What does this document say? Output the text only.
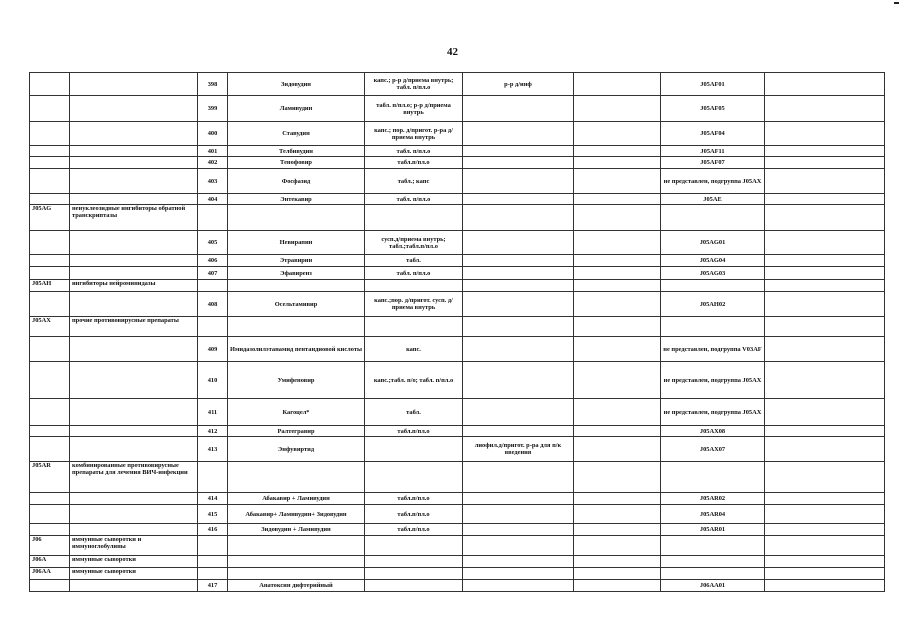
42
		398	Зидовудин	капс.; р-р д/приема внутрь; табл. п/пл.о	р-р д/инф		J05AF01	
		399	Ламивудин	табл. п/пл.о; р-р д/приема внутрь			J05AF05	
		400	Ставудин	капс.; пор. д/пригот. р-ра д/приема внутрь			J05AF04	
		401	Телбивудин	табл. п/пл.о			J05AF11	
		402	Тенофовир	табл.п/пл.о			J05AF07	
		403	Фосфазид	табл.; капс			не представлен, подгруппа J05AX	
		404	Энтекавир	табл. п/пл.о			J05AE	
J05AG	ненуклеозидные ингибиторы обратной транскриптазы							
		405	Невирапин	сусп.д/приема внутрь; табл.;табл.п/пл.о			J05AG01	
		406	Этравирин	табл.			J05AG04	
		407	Эфавиренз	табл. п/пл.о			J05AG03	
J05AH	ингибиторы нейроминидазы							
		408	Осельтамивир	капс.;пор. д/пригот. сусп. д/приема внутрь			J05AH02	
J05AX	прочие противовирусные препараты							
		409	Имидазолилэтанамид пентандиовой кислоты	капс.			не представлен, подгруппа V03AF	
		410	Умифеновир	капс.;табл. п/о; табл. п/пл.о			не представлен, подгруппа J05AX	
		411	Кагоцел*	табл.			не представлен, подгруппа J05AX	
		412	Ралтегравир	табл.п/пл.о			J05AX08	
		413	Энфувиртид		лиофил.д/пригот. р-ра для п/к введения		J05AX07	
J05AR	комбинированные противовирусные препараты для лечения ВИЧ-инфекции							
		414	Абакавир + Ламивудин	табл.п/пл.о			J05AR02	
		415	Абакавир+ Ламивудин+ Зидовудин	табл.п/пл.о			J05AR04	
		416	Зидовудин + Ламивудин	табл.п/пл.о			J05AR01	
J06	иммунные сыворотки и иммуноглобулины							
J06A	иммунные сыворотки							
J06AA	иммунные сыворотки							
		417	Анатоксин дифтерийный				J06AA01	
